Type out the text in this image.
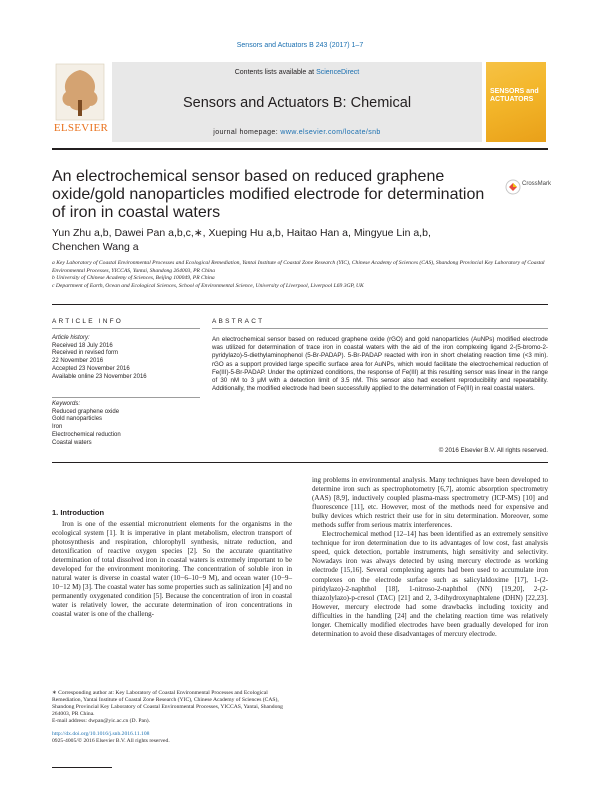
Sensors and Actuators B 243 (2017) 1–7
Contents lists available at ScienceDirect
Sensors and Actuators B: Chemical
journal homepage: www.elsevier.com/locate/snb
ELSEVIER
SENSORS and ACTUATORS
An electrochemical sensor based on reduced graphene oxide/gold nanoparticles modified electrode for determination of iron in coastal waters
CrossMark
Yun Zhu a,b, Dawei Pan a,b,c,∗, Xueping Hu a,b, Haitao Han a, Mingyue Lin a,b,
Chenchen Wang a
a Key Laboratory of Coastal Environmental Processes and Ecological Remediation, Yantai Institute of Coastal Zone Research (YIC), Chinese Academy of Sciences (CAS), Shandong Provincial Key Laboratory of Coastal Environmental Processes, YICCAS, Yantai, Shandong 264003, PR China
b University of Chinese Academy of Sciences, Beijing 100049, PR China
c Department of Earth, Ocean and Ecological Sciences, School of Environmental Science, University of Liverpool, Liverpool L69 3GP, UK
ARTICLE INFO	ABSTRACT
Article history:
Received 18 July 2016
Received in revised form
22 November 2016
Accepted 23 November 2016
Available online 23 November 2016
Keywords:
Reduced graphene oxide
Gold nanoparticles
Iron
Electrochemical reduction
Coastal waters
An electrochemical sensor based on reduced graphene oxide (rGO) and gold nanoparticles (AuNPs) modified electrode was utilized for determination of trace iron in coastal waters with the aid of the iron complexing ligand 2-(5-bromo-2-pyridylazo)-5-diethylaminophenol (5-Br-PADAP). 5-Br-PADAP reacted with iron in short chelating reaction time (<3 min). rGO as a support provided large specific surface area for AuNPs, which would facilitate the electrochemical reduction of Fe(III)-5-Br-PADAP. Under the optimized conditions, the response of Fe(III) at this resulting sensor was linear in the range of 30 nM to 3 μM with a detection limit of 3.5 nM. This sensor also had excellent reproducibility and repeatability. Additionally, the modified electrode had been successfully applied to the determination of Fe(III) in real coastal waters.
© 2016 Elsevier B.V. All rights reserved.
1. Introduction

Iron is one of the essential micronutrient elements for the organisms in the ecological system [1]. It is imperative in plant metabolism, electron transport of photosynthesis and respiration, chlorophyll synthesis, nitrate reduction, and detoxification of reactive oxygen species [2]. So the accurate quantitative determination of total dissolved iron in coastal waters is extremely important to be developed for the environment monitoring. The concentration of soluble iron in natural water is diverse in coastal water (10−6–10−9 M), and ocean water (10−9–10−12 M) [3]. The coastal water has some properties such as salinization [4] and no permanently oxygenated condition [5]. Because the concentration of iron in coastal water is relatively lower, the accurate determination of iron concentrations in coastal water is one of the challeng-

ing problems in environmental analysis. Many techniques have been developed to determine iron such as spectrophotometry [6,7], atomic absorption spectrometry (AAS) [8,9], inductively coupled plasma-mass spectrometry (ICP-MS) [10] and fluorescence [11], etc. However, most of the methods need for expensive and bulky devices which restrict their use for in situ determination. Moreover, some methods suffer from serious matrix interferences.

Electrochemical method [12–14] has been identified as an extremely sensitive technique for iron determination due to its advantages of low cost, fast analysis speed, quick detection, portable instruments, high sensitivity and selectivity. Nowadays iron was always detected by using mercury electrode as working electrode [15,16]. Several complexing agents had been used to accumulate iron complexes on the electrode surface such as salicylaldoxime [17], 1-(2-piridylazo)-2-naphthol [18], 1-nitroso-2-naphthol (NN) [19,20], 2-(2-thiazolylazo)-p-cresol (TAC) [21] and 2, 3-dihydroxynaphtalene (DHN) [22,23]. However, mercury electrode had some drawbacks including toxicity and difficulties in the handling [24] and the chelating reaction time was relatively longer. Chemically modified electrodes have been gradually developed for iron determination to avoid these disadvantages of mercury electrode.

∗ Corresponding author at: Key Laboratory of Coastal Environmental Processes and Ecological Remediation, Yantai Institute of Coastal Zone Research (YIC), Chinese Academy of Sciences (CAS), Shandong Provincial Key Laboratory of Coastal Environmental Processes, YICCAS, Yantai, Shandong 264003, PR China.
E-mail address: dwpan@yic.ac.cn (D. Pan).
http://dx.doi.org/10.1016/j.snb.2016.11.108
0925-4005/© 2016 Elsevier B.V. All rights reserved.
